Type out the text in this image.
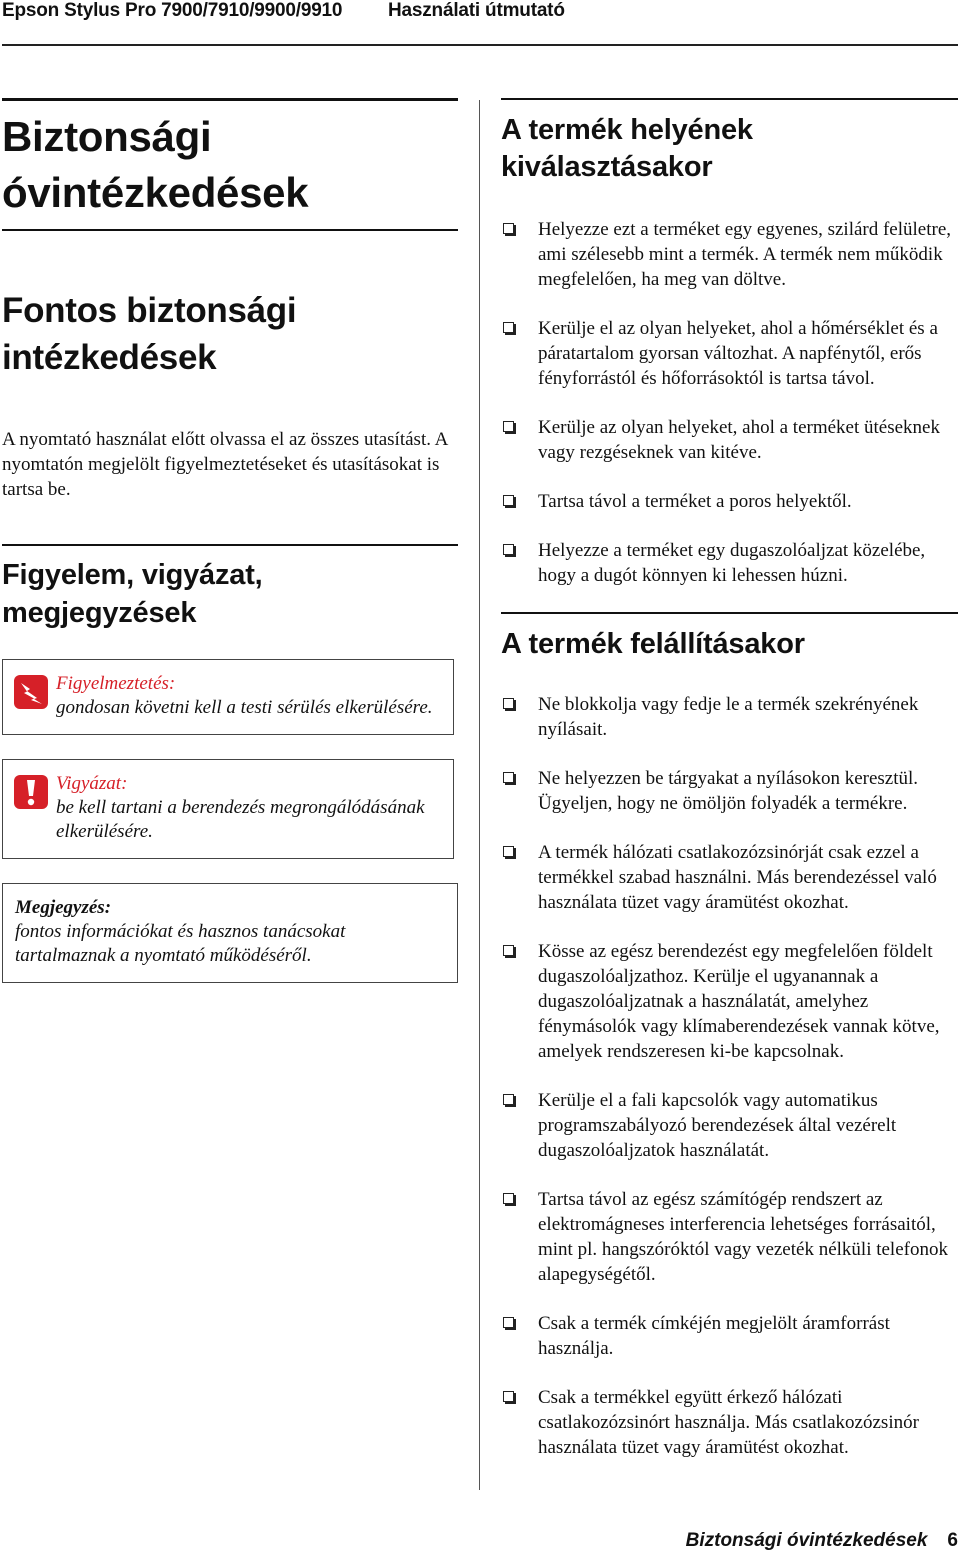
Epson Stylus Pro 7900/7910/9900/9910 Használati útmutató
Biztonsági óvintézkedések
Fontos biztonsági intézkedések

A nyomtató használat előtt olvassa el az összes utasítást. A nyomtatón megjelölt figyelmeztetéseket és utasításokat is tartsa be.

Figyelem, vigyázat, megjegyzések
Figyelmeztetés:
gondosan követni kell a testi sérülés elkerülésére.
Vigyázat:
be kell tartani a berendezés megrongálódásának elkerülésére.
Megjegyzés:
fontos információkat és hasznos tanácsokat tartalmaznak a nyomtató működéséről.
A termék helyének kiválasztásakor
Helyezze ezt a terméket egy egyenes, szilárd felületre, ami szélesebb mint a termék. A termék nem működik megfelelően, ha meg van döltve.
Kerülje el az olyan helyeket, ahol a hőmérséklet és a páratartalom gyorsan változhat. A napfénytől, erős fényforrástól és hőforrásoktól is tartsa távol.
Kerülje az olyan helyeket, ahol a terméket ütéseknek vagy rezgéseknek van kitéve.
Tartsa távol a terméket a poros helyektől.
Helyezze a terméket egy dugaszolóaljzat közelébe, hogy a dugót könnyen ki lehessen húzni.
A termék felállításakor
Ne blokkolja vagy fedje le a termék szekrényének nyílásait.
Ne helyezzen be tárgyakat a nyílásokon keresztül. Ügyeljen, hogy ne ömöljön folyadék a termékre.
A termék hálózati csatlakozózsinórját csak ezzel a termékkel szabad használni. Más berendezéssel való használata tüzet vagy áramütést okozhat.
Kösse az egész berendezést egy megfelelően földelt dugaszolóaljzathoz. Kerülje el ugyanannak a dugaszolóaljzatnak a használatát, amelyhez fénymásolók vagy klímaberendezések vannak kötve, amelyek rendszeresen ki-be kapcsolnak.
Kerülje el a fali kapcsolók vagy automatikus programszabályozó berendezések által vezérelt dugaszolóaljzatok használatát.
Tartsa távol az egész számítógép rendszert az elektromágneses interferencia lehetséges forrásaitól, mint pl. hangszóróktól vagy vezeték nélküli telefonok alapegységétől.
Csak a termék címkéjén megjelölt áramforrást használja.
Csak a termékkel együtt érkező hálózati csatlakozózsinórt használja. Más csatlakozózsinór használata tüzet vagy áramütést okozhat.
Biztonsági óvintézkedések 6
